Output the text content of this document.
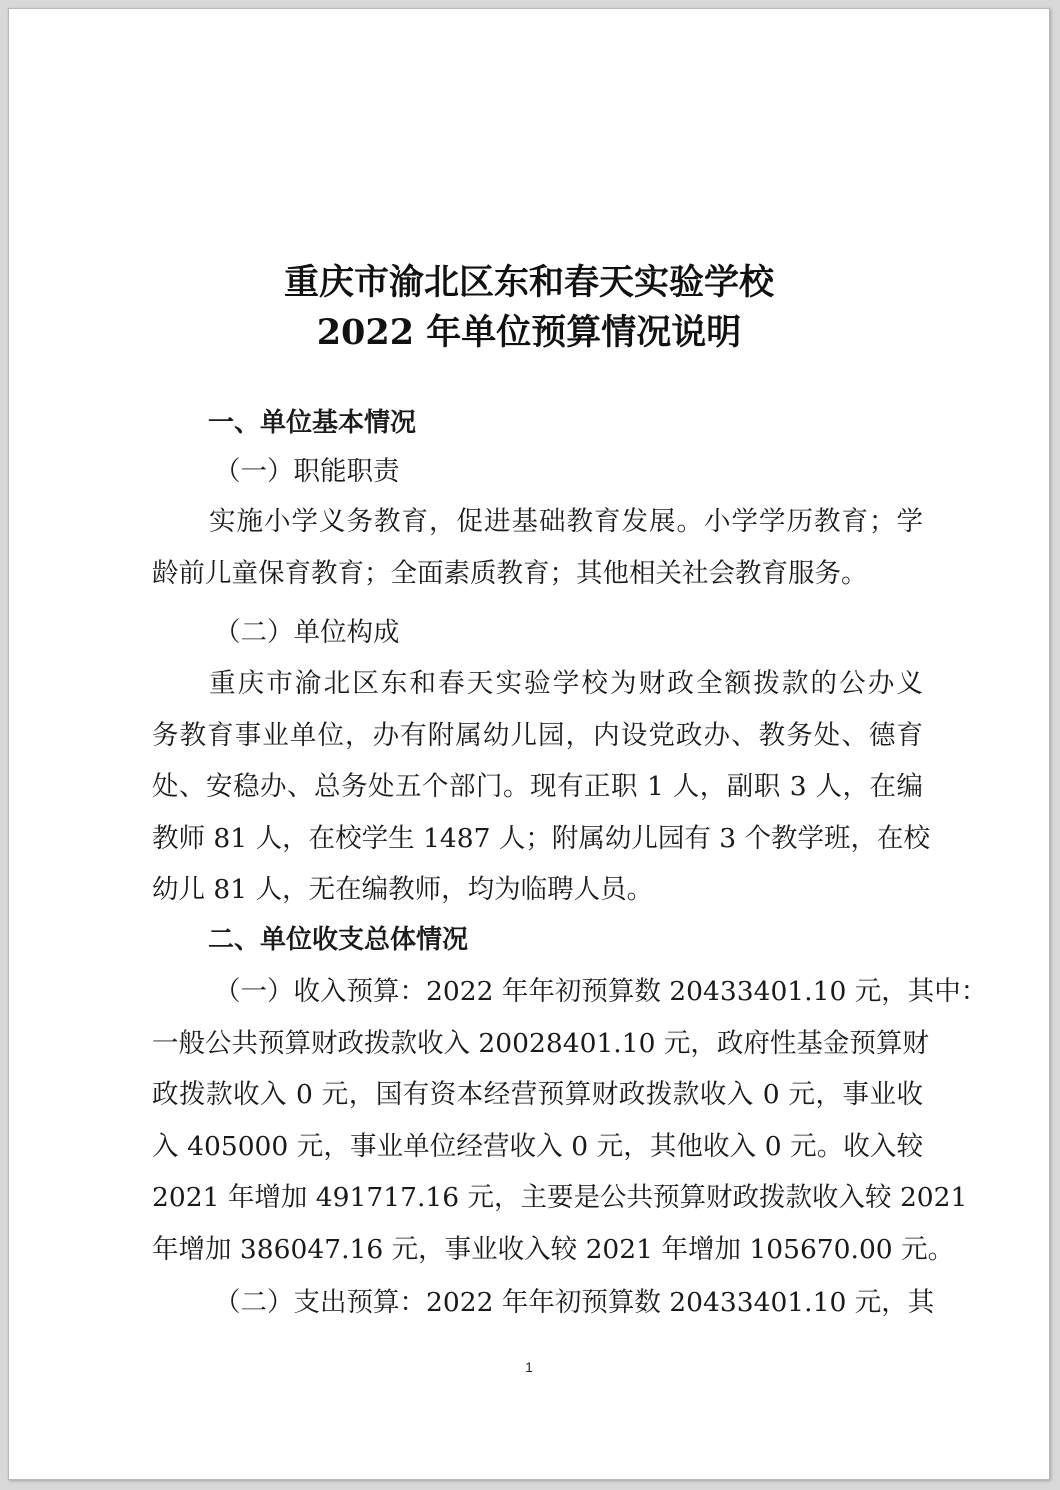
重庆市渝北区东和春天实验学校
2022 年单位预算情况说明
一、单位基本情况
（一）职能职责
实施小学义务教育，促进基础教育发展。小学学历教育；学
龄前儿童保育教育；全面素质教育；其他相关社会教育服务。
（二）单位构成
重庆市渝北区东和春天实验学校为财政全额拨款的公办义
务教育事业单位，办有附属幼儿园，内设党政办、教务处、德育
处、安稳办、总务处五个部门。现有正职 1 人，副职 3 人，在编
教师 81 人，在校学生 1487 人；附属幼儿园有 3 个教学班，在校
幼儿 81 人，无在编教师，均为临聘人员。
二、单位收支总体情况
（一）收入预算：2022 年年初预算数 20433401.10 元，其中：
一般公共预算财政拨款收入 20028401.10 元，政府性基金预算财
政拨款收入 0 元，国有资本经营预算财政拨款收入 0 元，事业收
入 405000 元，事业单位经营收入 0 元，其他收入 0 元。收入较
2021 年增加 491717.16 元，主要是公共预算财政拨款收入较 2021
年增加 386047.16 元，事业收入较 2021 年增加 105670.00 元。
（二）支出预算：2022 年年初预算数 20433401.10 元，其
1
